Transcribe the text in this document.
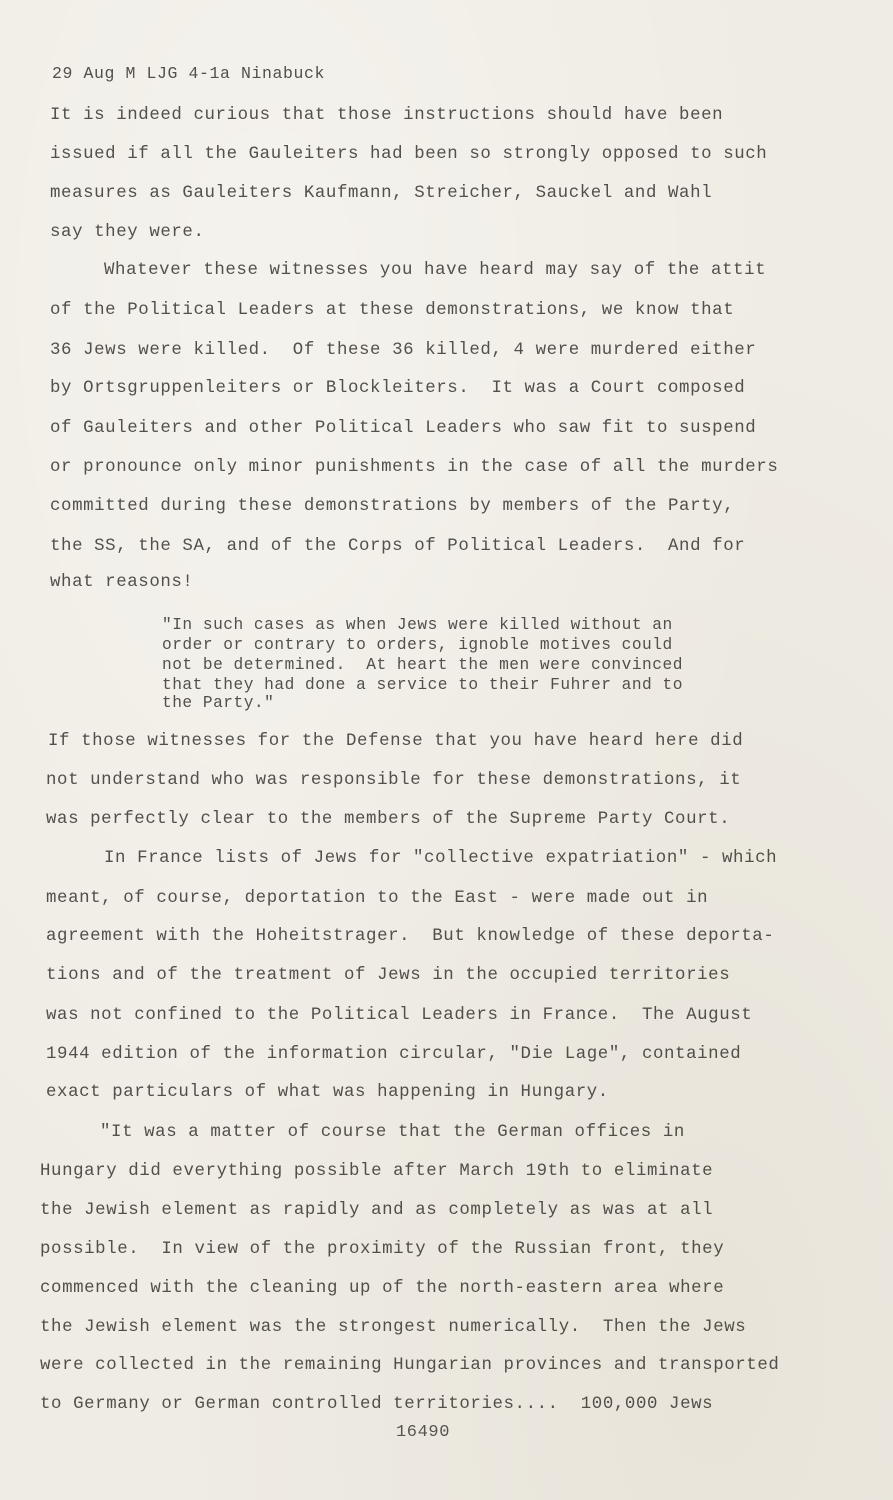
29 Aug M LJG 4-1a Ninabuck
It is indeed curious that those instructions should have been
issued if all the Gauleiters had been so strongly opposed to such
measures as Gauleiters Kaufmann, Streicher, Sauckel and Wahl
say they were.
Whatever these witnesses you have heard may say of the attit
of the Political Leaders at these demonstrations, we know that
36 Jews were killed.  Of these 36 killed, 4 were murdered either
by Ortsgruppenleiters or Blockleiters.  It was a Court composed
of Gauleiters and other Political Leaders who saw fit to suspend
or pronounce only minor punishments in the case of all the murders
committed during these demonstrations by members of the Party,
the SS, the SA, and of the Corps of Political Leaders.  And for
what reasons!
"In such cases as when Jews were killed without an
order or contrary to orders, ignoble motives could
not be determined.  At heart the men were convinced
that they had done a service to their Fuhrer and to
the Party."
If those witnesses for the Defense that you have heard here did
not understand who was responsible for these demonstrations, it
was perfectly clear to the members of the Supreme Party Court.
In France lists of Jews for "collective expatriation" - which
meant, of course, deportation to the East - were made out in
agreement with the Hoheitstrager.  But knowledge of these deporta-
tions and of the treatment of Jews in the occupied territories
was not confined to the Political Leaders in France.  The August
1944 edition of the information circular, "Die Lage", contained
exact particulars of what was happening in Hungary.
"It was a matter of course that the German offices in
Hungary did everything possible after March 19th to eliminate
the Jewish element as rapidly and as completely as was at all
possible.  In view of the proximity of the Russian front, they
commenced with the cleaning up of the north-eastern area where
the Jewish element was the strongest numerically.  Then the Jews
were collected in the remaining Hungarian provinces and transported
to Germany or German controlled territories....  100,000 Jews
16490
